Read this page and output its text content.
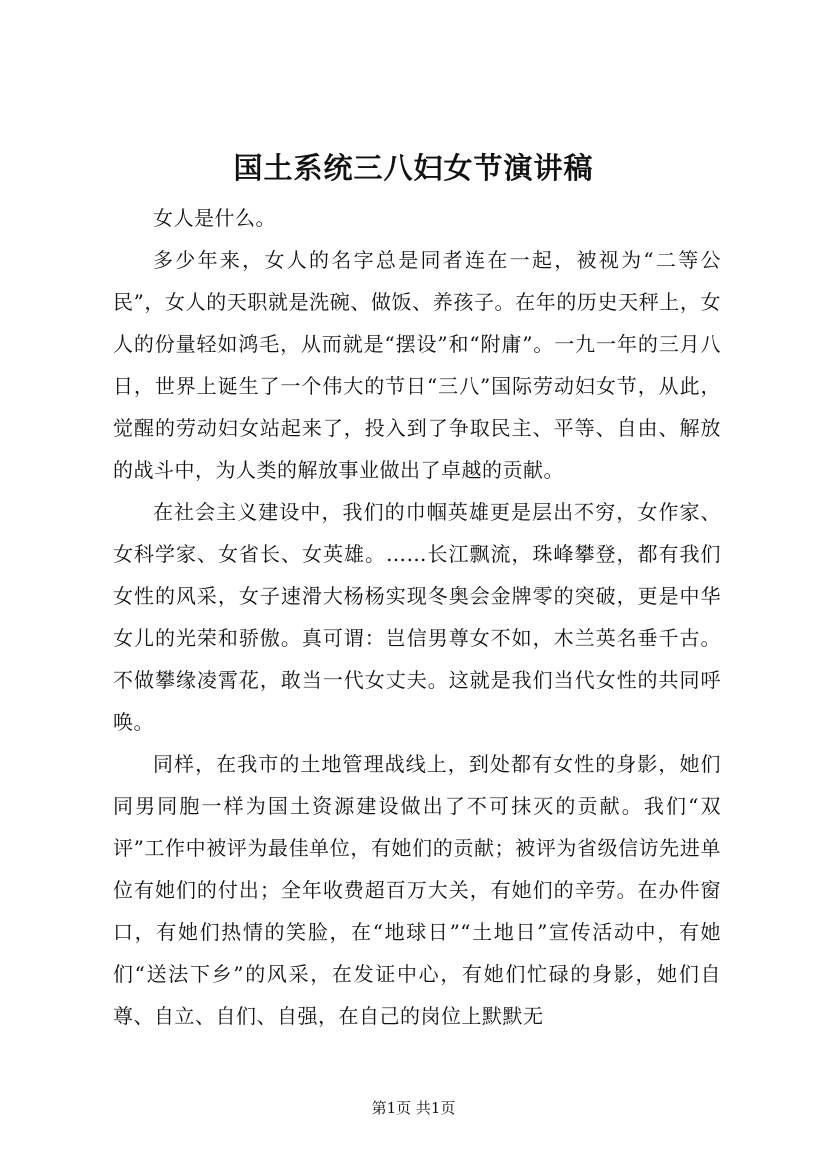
国土系统三八妇女节演讲稿

女人是什么。

多少年来，女人的名字总是同者连在一起，被视为“二等公民”，女人的天职就是洗碗、做饭、养孩子。在年的历史天秤上，女人的份量轻如鸿毛，从而就是“摆设”和“附庸”。一九一年的三月八日，世界上诞生了一个伟大的节日“三八”国际劳动妇女节，从此，觉醒的劳动妇女站起来了，投入到了争取民主、平等、自由、解放的战斗中，为人类的解放事业做出了卓越的贡献。

在社会主义建设中，我们的巾帼英雄更是层出不穷，女作家、女科学家、女省长、女英雄。……长江飘流，珠峰攀登，都有我们女性的风采，女子速滑大杨杨实现冬奥会金牌零的突破，更是中华女儿的光荣和骄傲。真可谓：岂信男尊女不如，木兰英名垂千古。不做攀缘凌霄花，敢当一代女丈夫。这就是我们当代女性的共同呼唤。

同样，在我市的土地管理战线上，到处都有女性的身影，她们同男同胞一样为国土资源建设做出了不可抹灭的贡献。我们“双评”工作中被评为最佳单位，有她们的贡献；被评为省级信访先进单位有她们的付出；全年收费超百万大关，有她们的辛劳。在办件窗口，有她们热情的笑脸，在“地球日”“土地日”宣传活动中，有她们“送法下乡”的风采，在发证中心，有她们忙碌的身影，她们自尊、自立、自们、自强，在自己的岗位上默默无

第1页 共1页
